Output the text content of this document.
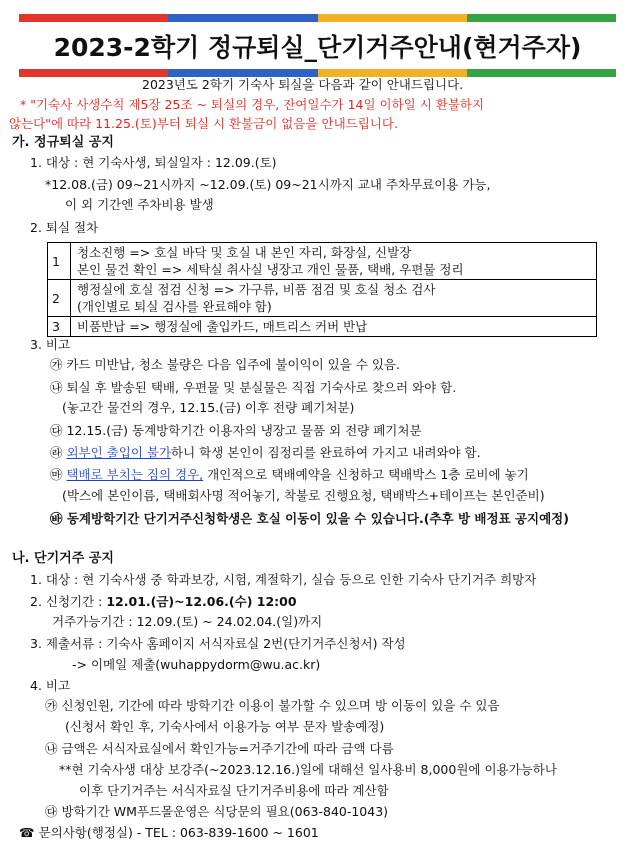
2023-2학기 정규퇴실_단기거주안내(현거주자)
2023년도 2학기 기숙사 퇴실을 다음과 같이 안내드립니다.
* "기숙사 사생수칙 제5장 25조 ~ 퇴실의 경우, 잔여일수가 14일 이하일 시 환불하지
않는다"에 따라 11.25.(토)부터 퇴실 시 환불금이 없음을 안내드립니다.
가. 정규퇴실 공지
1. 대상 : 현 기숙사생, 퇴실일자 : 12.09.(토)
*12.08.(금) 09~21시까지 ~12.09.(토) 09~21시까지 교내 주차무료이용 가능,
이 외 기간엔 주차비용 발생
2. 퇴실 절차
1	청소진행 => 호실 바닥 및 호실 내 본인 자리, 화장실, 신발장
본인 물건 확인 => 세탁실 취사실 냉장고 개인 물품, 택배, 우편물 정리

2	행정실에 호실 점검 신청 => 가구류, 비품 점검 및 호실 청소 검사
(개인별로 퇴실 검사를 완료해야 함)

3	비품반납 => 행정실에 출입카드, 매트리스 커버 반납
3. 비고
㉮ 카드 미반납, 청소 불량은 다음 입주에 불이익이 있을 수 있음.
㉯ 퇴실 후 발송된 택배, 우편물 및 분실물은 직접 기숙사로 찾으러 와야 함.
(놓고간 물건의 경우, 12.15.(금) 이후 전량 폐기처분)
㉰ 12.15.(금) 동계방학기간 이용자의 냉장고 물품 외 전량 폐기처분
㉱ 외부인 출입이 불가하니 학생 본인이 짐정리를 완료하여 가지고 내려와야 함.
㉲ 택배로 부치는 짐의 경우, 개인적으로 택배예약을 신청하고 택배박스 1층 로비에 놓기
(박스에 본인이름, 택배회사명 적어놓기, 착불로 진행요청, 택배박스+테이프는 본인준비)
㉳ 동계방학기간 단기거주신청학생은 호실 이동이 있을 수 있습니다.(추후 방 배정표 공지예정)
나. 단기거주 공지
1. 대상 : 현 기숙사생 중 학과보강, 시험, 계절학기, 실습 등으로 인한 기숙사 단기거주 희망자
2. 신청기간 : 12.01.(금)~12.06.(수) 12:00
거주가능기간 : 12.09.(토) ~ 24.02.04.(일)까지
3. 제출서류 : 기숙사 홈페이지 서식자료실 2번(단기거주신청서) 작성
-> 이메일 제출(wuhappydorm@wu.ac.kr)
4. 비고
㉮ 신청인원, 기간에 따라 방학기간 이용이 불가할 수 있으며 방 이동이 있을 수 있음
(신청서 확인 후, 기숙사에서 이용가능 여부 문자 발송예정)
㉯ 금액은 서식자료실에서 확인가능=거주기간에 따라 금액 다름
**현 기숙사생 대상 보강주(~2023.12.16.)일에 대해선 일사용비 8,000원에 이용가능하나
이후 단기거주는 서식자료실 단기거주비용에 따라 계산함
㉰ 방학기간 WM푸드몰운영은 식당문의 필요(063-840-1043)
☎ 문의사항(행정실) - TEL : 063-839-1600 ~ 1601
